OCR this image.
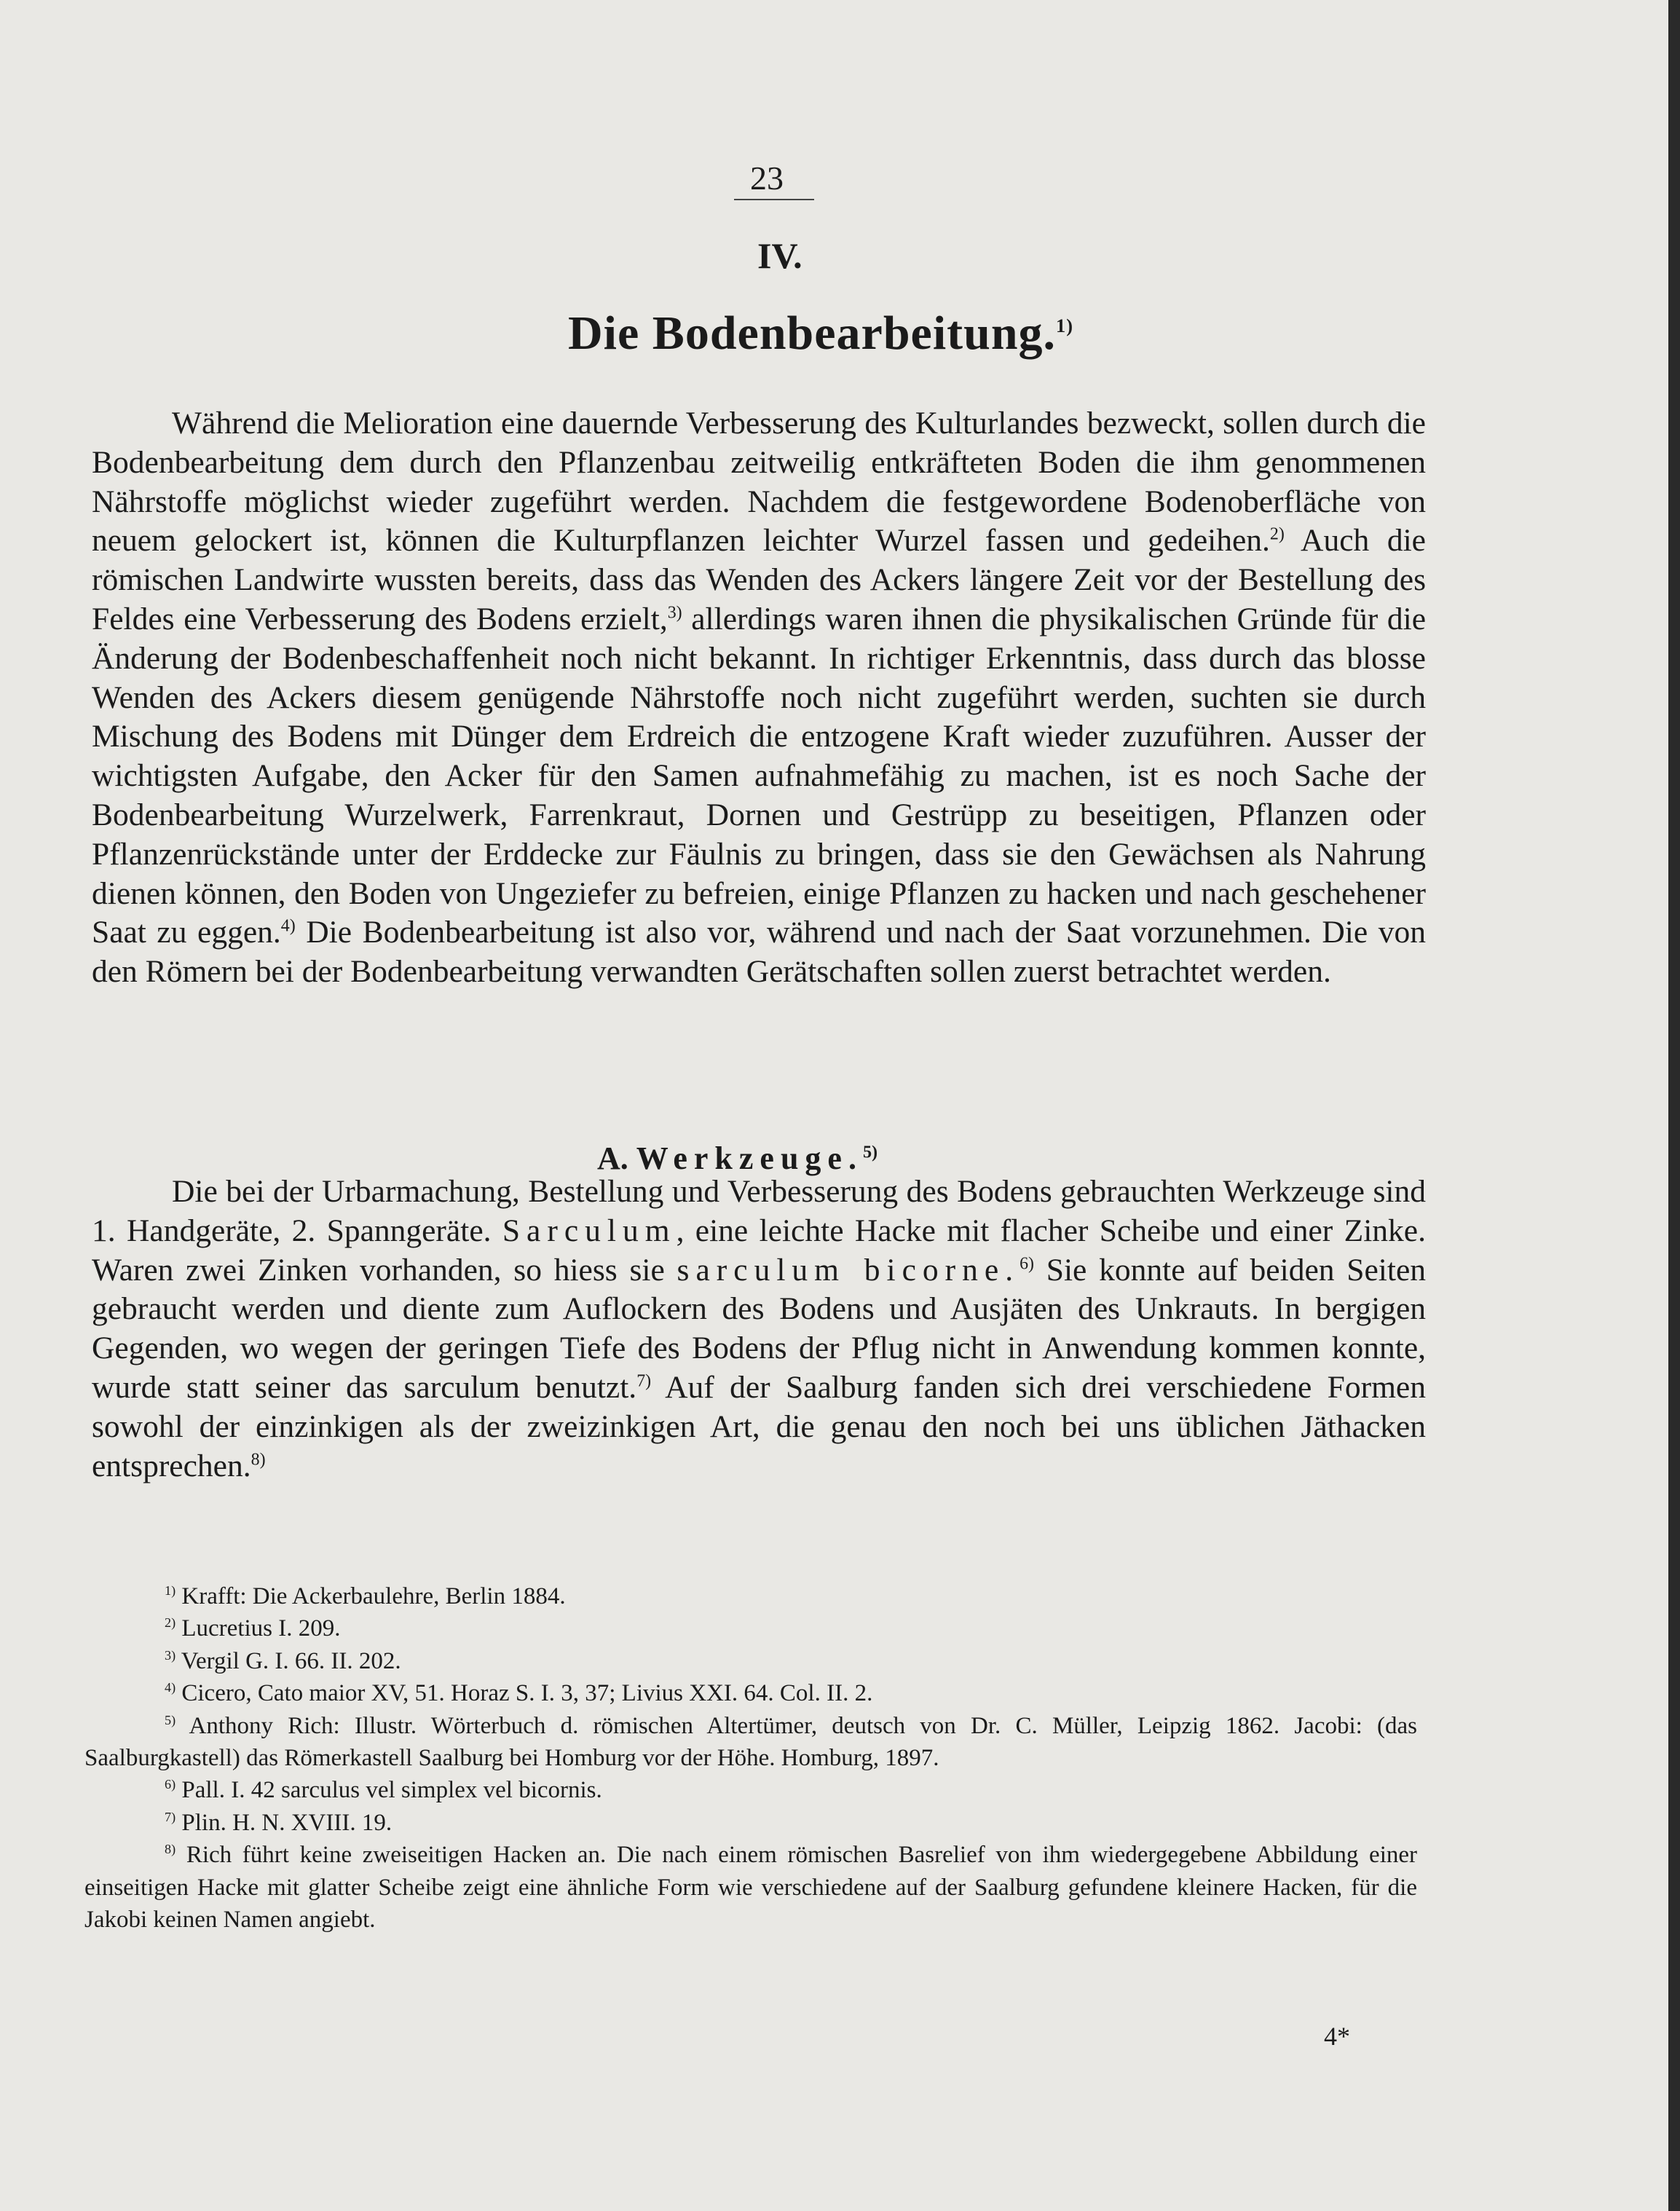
23
IV.
Die Bodenbearbeitung.$^{1)}$

Während die Melioration eine dauernde Verbesserung des Kulturlandes bezweckt, sollen durch die Bodenbearbeitung dem durch den Pflanzenbau zeitweilig entkräfteten Boden die ihm genommenen Nährstoffe möglichst wieder zugeführt werden. Nachdem die festgewordene Bodenoberfläche von neuem gelockert ist, können die Kulturpflanzen leichter Wurzel fassen und gedeihen.$^{2)}$ Auch die römischen Landwirte wussten bereits, dass das Wenden des Ackers längere Zeit vor der Bestellung des Feldes eine Verbesserung des Bodens erzielt,$^{3)}$ allerdings waren ihnen die physikalischen Gründe für die Änderung der Bodenbeschaffenheit noch nicht bekannt. In richtiger Erkenntnis, dass durch das blosse Wenden des Ackers diesem genügende Nährstoffe noch nicht zugeführt werden, suchten sie durch Mischung des Bodens mit Dünger dem Erdreich die entzogene Kraft wieder zuzuführen. Ausser der wichtigsten Aufgabe, den Acker für den Samen aufnahmefähig zu machen, ist es noch Sache der Bodenbearbeitung Wurzelwerk, Farrenkraut, Dornen und Gestrüpp zu beseitigen, Pflanzen oder Pflanzenrückstände unter der Erddecke zur Fäulnis zu bringen, dass sie den Gewächsen als Nahrung dienen können, den Boden von Ungeziefer zu befreien, einige Pflanzen zu hacken und nach geschehener Saat zu eggen.$^{4)}$ Die Bodenbearbeitung ist also vor, während und nach der Saat vorzunehmen. Die von den Römern bei der Bodenbearbeitung verwandten Gerätschaften sollen zuerst betrachtet werden.

A. Werkzeuge.$^{5)}$

Die bei der Urbarmachung, Bestellung und Verbesserung des Bodens gebrauchten Werkzeuge sind 1. Handgeräte, 2. Spanngeräte. Sarculum, eine leichte Hacke mit flacher Scheibe und einer Zinke. Waren zwei Zinken vorhanden, so hiess sie sarculum bicorne.$^{6)}$ Sie konnte auf beiden Seiten gebraucht werden und diente zum Auflockern des Bodens und Ausjäten des Unkrauts. In bergigen Gegenden, wo wegen der geringen Tiefe des Bodens der Pflug nicht in Anwendung kommen konnte, wurde statt seiner das sarculum benutzt.$^{7)}$ Auf der Saalburg fanden sich drei verschiedene Formen sowohl der einzinkigen als der zweizinkigen Art, die genau den noch bei uns üblichen Jäthacken entsprechen.$^{8)}$

$^{1)}$ Krafft: Die Ackerbaulehre, Berlin 1884.

$^{2)}$ Lucretius I. 209.

$^{3)}$ Vergil G. I. 66. II. 202.

$^{4)}$ Cicero, Cato maior XV, 51. Horaz S. I. 3, 37; Livius XXI. 64. Col. II. 2.

$^{5)}$ Anthony Rich: Illustr. Wörterbuch d. römischen Altertümer, deutsch von Dr. C. Müller, Leipzig 1862. Jacobi: (das Saalburgkastell) das Römerkastell Saalburg bei Homburg vor der Höhe. Homburg, 1897.

$^{6)}$ Pall. I. 42 sarculus vel simplex vel bicornis.

$^{7)}$ Plin. H. N. XVIII. 19.

$^{8)}$ Rich führt keine zweiseitigen Hacken an. Die nach einem römischen Basrelief von ihm wiedergegebene Abbildung einer einseitigen Hacke mit glatter Scheibe zeigt eine ähnliche Form wie verschiedene auf der Saalburg gefundene kleinere Hacken, für die Jakobi keinen Namen angiebt.

4*
